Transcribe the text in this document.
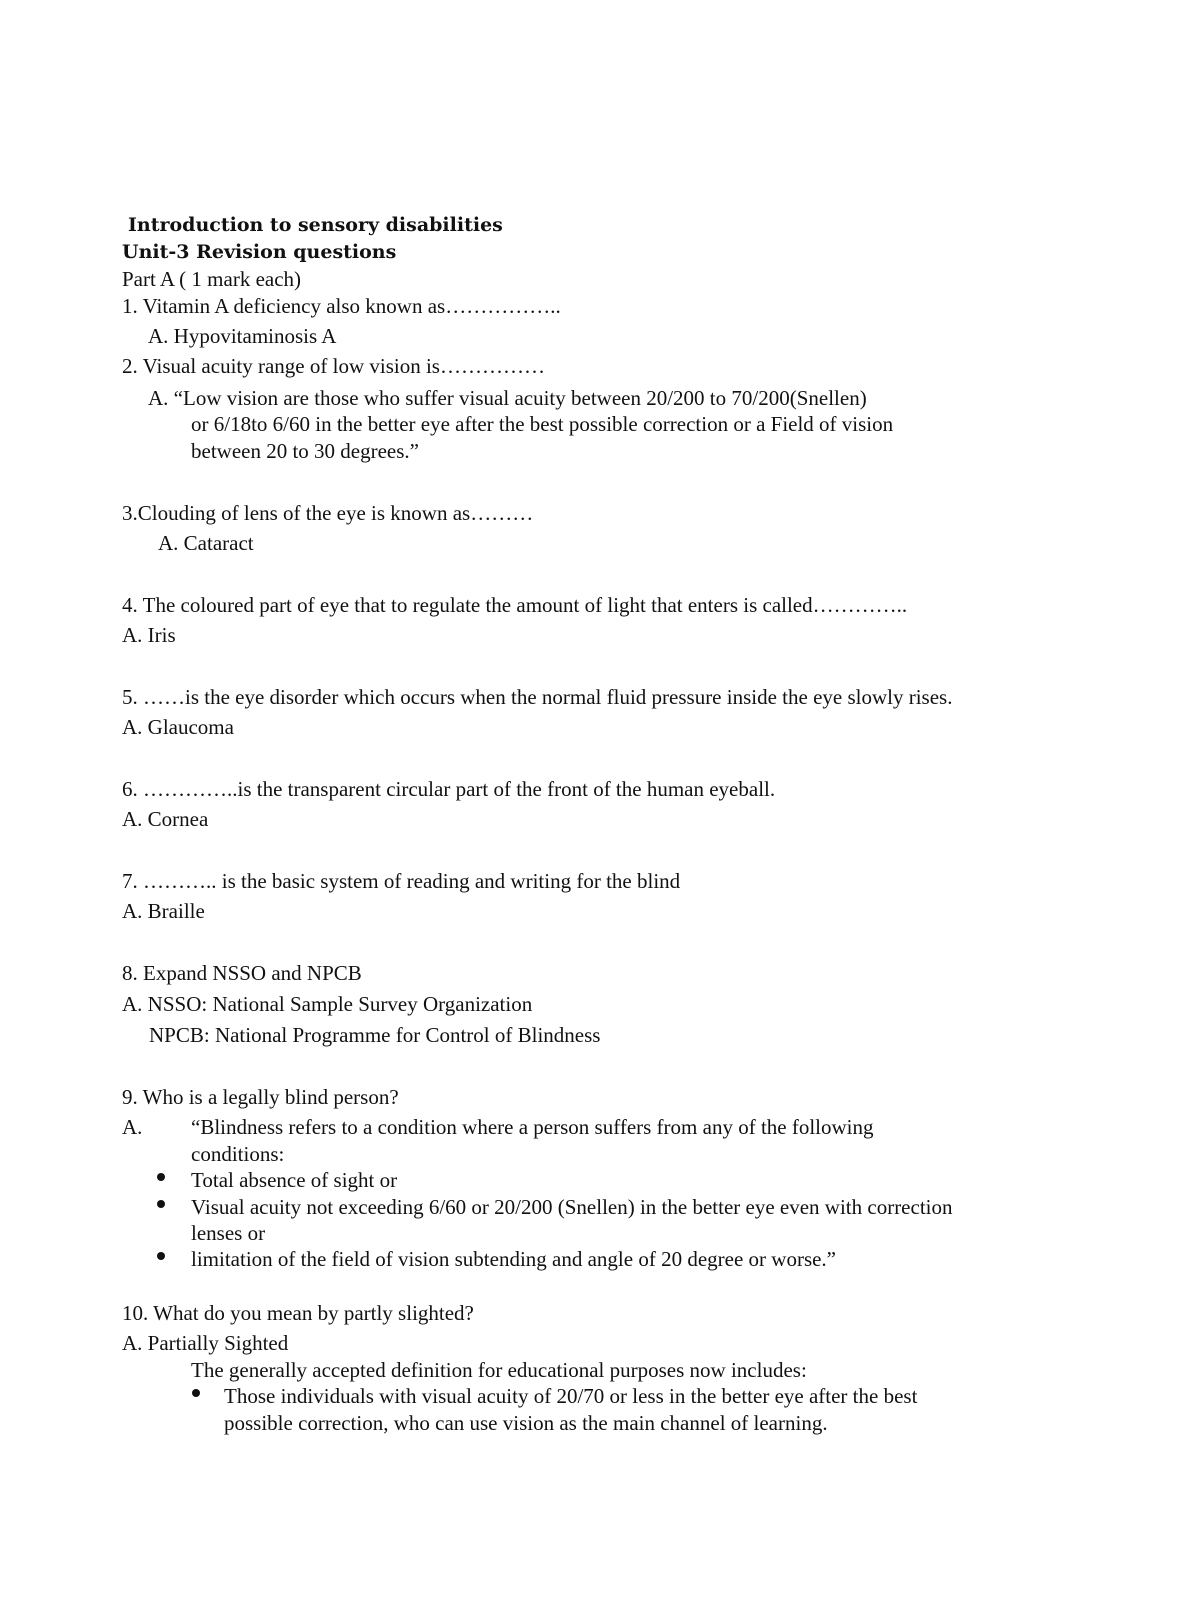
Introduction to sensory disabilities

Unit-3 Revision questions

Part A ( 1 mark each)

1. Vitamin A deficiency also known as……………..

A. Hypovitaminosis A

2. Visual acuity range of low vision is……………

A. “Low vision are those who suffer visual acuity between 20/200 to 70/200(Snellen)

or 6/18to 6/60 in the better eye after the best possible correction or a Field of vision

between 20 to 30 degrees.”

3.Clouding of lens of the eye is known as………

A. Cataract

4. The coloured part of eye that to regulate the amount of light that enters is called…………..

A. Iris

5. ……is the eye disorder which occurs when the normal fluid pressure inside the eye slowly rises.

A. Glaucoma

6. …………..is the transparent circular part of the front of the human eyeball.

A. Cornea

7. ……….. is the basic system of reading and writing for the blind

A. Braille

8. Expand NSSO and NPCB

A. NSSO: National Sample Survey Organization

NPCB: National Programme for Control of Blindness

9. Who is a legally blind person?

A. “Blindness refers to a condition where a person suffers from any of the following

conditions:

Total absence of sight or

Visual acuity not exceeding 6/60 or 20/200 (Snellen) in the better eye even with correction

lenses or

limitation of the field of vision subtending and angle of 20 degree or worse.”

10. What do you mean by partly slighted?

A. Partially Sighted

The generally accepted definition for educational purposes now includes:

Those individuals with visual acuity of 20/70 or less in the better eye after the best

possible correction, who can use vision as the main channel of learning.
